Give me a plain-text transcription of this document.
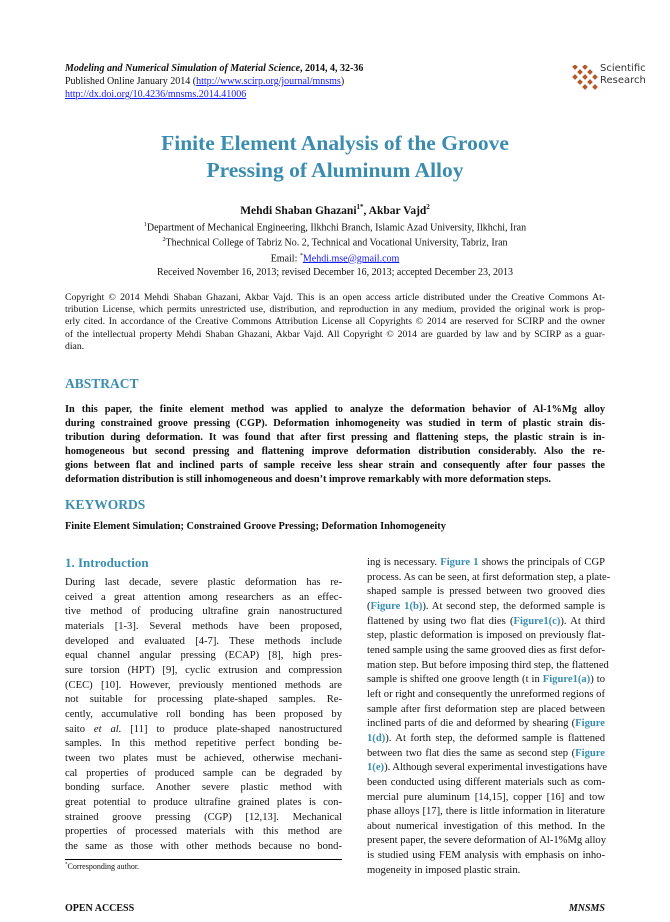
Modeling and Numerical Simulation of Material Science, 2014, 4, 32-36
Published Online January 2014 (http://www.scirp.org/journal/mnsms)
http://dx.doi.org/10.4236/mnsms.2014.41006
Scientific
Research
Finite Element Analysis of the Groove
Pressing of Aluminum Alloy
Mehdi Shaban Ghazani$^{1*}$, Akbar Vajd$^2$
$^1$Department of Mechanical Engineering, Ilkhchi Branch, Islamic Azad University, Ilkhchi, Iran
$^2$Thechnical College of Tabriz No. 2, Technical and Vocational University, Tabriz, Iran
Email: *Mehdi.mse@gmail.com
Received November 16, 2013; revised December 16, 2013; accepted December 23, 2013
Copyright © 2014 Mehdi Shaban Ghazani, Akbar Vajd. This is an open access article distributed under the Creative Commons At-
tribution License, which permits unrestricted use, distribution, and reproduction in any medium, provided the original work is prop-
erly cited. In accordance of the Creative Commons Attribution License all Copyrights © 2014 are reserved for SCIRP and the owner
of the intellectual property Mehdi Shaban Ghazani, Akbar Vajd. All Copyright © 2014 are guarded by law and by SCIRP as a guar-
dian.
ABSTRACT
In this paper, the finite element method was applied to analyze the deformation behavior of Al-1%Mg alloy
during constrained groove pressing (CGP). Deformation inhomogeneity was studied in term of plastic strain dis-
tribution during deformation. It was found that after first pressing and flattening steps, the plastic strain is in-
homogeneous but second pressing and flattening improve deformation distribution considerably. Also the re-
gions between flat and inclined parts of sample receive less shear strain and consequently after four passes the
deformation distribution is still inhomogeneous and doesn’t improve remarkably with more deformation steps.
KEYWORDS
Finite Element Simulation; Constrained Groove Pressing; Deformation Inhomogeneity
1. Introduction
During last decade, severe plastic deformation has re-
ceived a great attention among researchers as an effec-
tive method of producing ultrafine grain nanostructured
materials [1-3]. Several methods have been proposed,
developed and evaluated [4-7]. These methods include
equal channel angular pressing (ECAP) [8], high pres-
sure torsion (HPT) [9], cyclic extrusion and compression
(CEC) [10]. However, previously mentioned methods are
not suitable for processing plate-shaped samples. Re-
cently, accumulative roll bonding has been proposed by
saito et al. [11] to produce plate-shaped nanostructured
samples. In this method repetitive perfect bonding be-
tween two plates must be achieved, otherwise mechani-
cal properties of produced sample can be degraded by
bonding surface. Another severe plastic method with
great potential to produce ultrafine grained plates is con-
strained groove pressing (CGP) [12,13]. Mechanical
properties of processed materials with this method are
the same as those with other methods because no bond-
ing is necessary. Figure 1 shows the principals of CGP
process. As can be seen, at first deformation step, a plate-
shaped sample is pressed between two grooved dies
(Figure 1(b)). At second step, the deformed sample is
flattened by using two flat dies (Figure1(c)). At third
step, plastic deformation is imposed on previously flat-
tened sample using the same grooved dies as first defor-
mation step. But before imposing third step, the flattened
sample is shifted one groove length (t in Figure1(a)) to
left or right and consequently the unreformed regions of
sample after first deformation step are placed between
inclined parts of die and deformed by shearing (Figure
1(d)). At forth step, the deformed sample is flattened
between two flat dies the same as second step (Figure
1(e)). Although several experimental investigations have
been conducted using different materials such as com-
mercial pure aluminum [14,15], copper [16] and tow
phase alloys [17], there is little information in literature
about numerical investigation of this method. In the
present paper, the severe deformation of Al-1%Mg alloy
is studied using FEM analysis with emphasis on inho-
mogeneity in imposed plastic strain.
*Corresponding author.
OPEN ACCESS	MNSMS
